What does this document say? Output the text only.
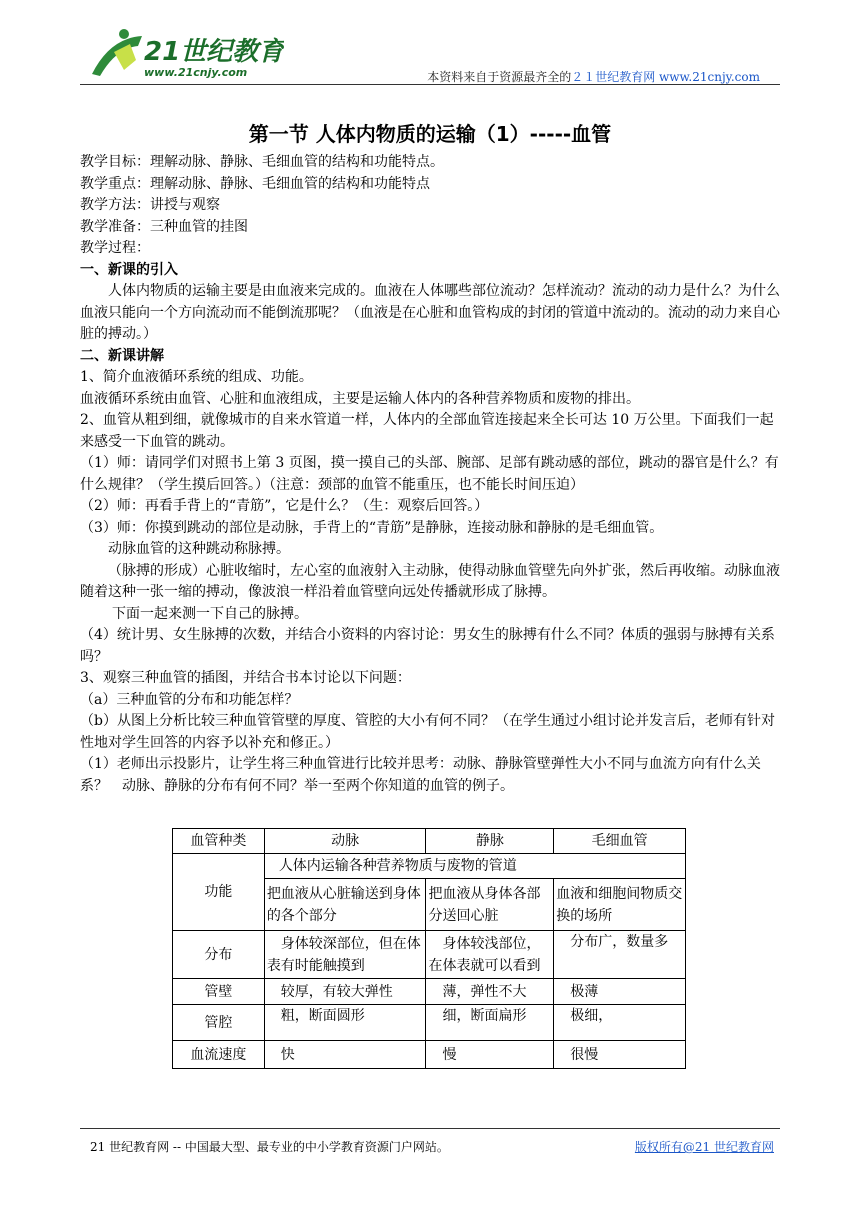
21世纪教育
www.21cnjy.com	本资料来自于资源最齐全的２１世纪教育网 www.21cnjy.com
第一节 人体内物质的运输（1）-----血管

教学目标：理解动脉、静脉、毛细血管的结构和功能特点。

教学重点：理解动脉、静脉、毛细血管的结构和功能特点

教学方法：讲授与观察

教学准备：三种血管的挂图

教学过程：

一、新课的引入

人体内物质的运输主要是由血液来完成的。血液在人体哪些部位流动？怎样流动？流动的动力是什么？为什么血液只能向一个方向流动而不能倒流那呢？（血液是在心脏和血管构成的封闭的管道中流动的。流动的动力来自心脏的搏动。）

二、新课讲解

1、简介血液循环系统的组成、功能。

血液循环系统由血管、心脏和血液组成，主要是运输人体内的各种营养物质和废物的排出。

2、血管从粗到细，就像城市的自来水管道一样，人体内的全部血管连接起来全长可达 10 万公里。下面我们一起来感受一下血管的跳动。

（1）师：请同学们对照书上第 3 页图，摸一摸自己的头部、腕部、足部有跳动感的部位，跳动的器官是什么？有什么规律？（学生摸后回答。）（注意：颈部的血管不能重压，也不能长时间压迫）

（2）师：再看手背上的“青筋”，它是什么？（生：观察后回答。）

（3）师：你摸到跳动的部位是动脉，手背上的“青筋”是静脉，连接动脉和静脉的是毛细血管。

动脉血管的这种跳动称脉搏。

（脉搏的形成）心脏收缩时，左心室的血液射入主动脉，使得动脉血管壁先向外扩张，然后再收缩。动脉血液随着这种一张一缩的搏动，像波浪一样沿着血管壁向远处传播就形成了脉搏。

下面一起来测一下自己的脉搏。

（4）统计男、女生脉搏的次数，并结合小资料的内容讨论：男女生的脉搏有什么不同？体质的强弱与脉搏有关系吗？

3、观察三种血管的插图，并结合书本讨论以下问题：

（a）三种血管的分布和功能怎样？

（b）从图上分析比较三种血管管壁的厚度、管腔的大小有何不同？（在学生通过小组讨论并发言后，老师有针对性地对学生回答的内容予以补充和修正。）

（1）老师出示投影片，让学生将三种血管进行比较并思考：动脉、静脉管壁弹性大小不同与血流方向有什么关系？　动脉、静脉的分布有何不同？举一至两个你知道的血管的例子。

血管种类	动脉	静脉	毛细血管
功能	人体内运输各种营养物质与废物的管道		
	把血液从心脏输送到身体的各个部分	把血液从身体各部分送回心脏	血液和细胞间物质交换的场所
分布	　身体较深部位，但在体表有时能触摸到	　身体较浅部位，在体表就可以看到	　分布广，数量多
管壁	　较厚，有较大弹性	　薄，弹性不大	　极薄
管腔	　粗，断面圆形	　细，断面扁形	　极细，
血流速度	　快	　慢	　很慢
21 世纪教育网 -- 中国最大型、最专业的中小学教育资源门户网站。	版权所有@21 世纪教育网
